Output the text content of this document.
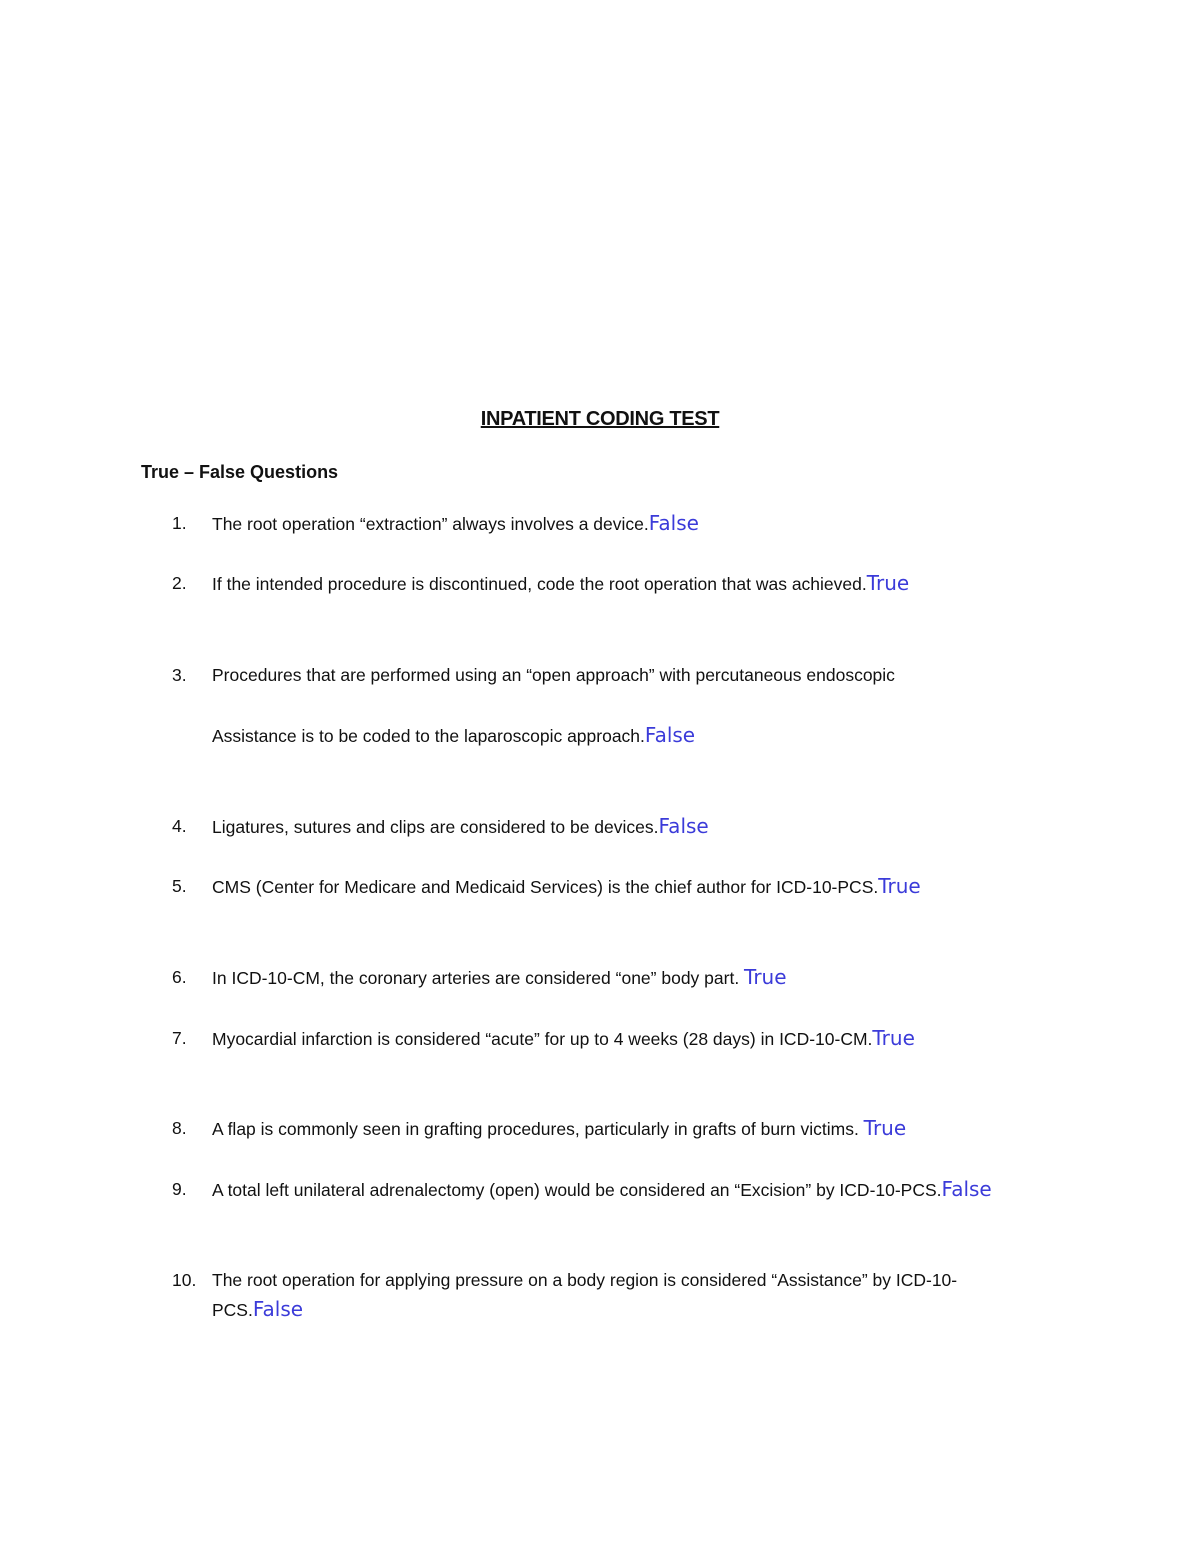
INPATIENT CODING TEST
True – False Questions
1.	The root operation “extraction” always involves a device.False
2.	If the intended procedure is discontinued, code the root operation that was achieved.True
3.	Procedures that are performed using an “open approach” with percutaneous endoscopic
Assistance is to be coded to the laparoscopic approach.False
4.	Ligatures, sutures and clips are considered to be devices.False
5.	CMS (Center for Medicare and Medicaid Services) is the chief author for ICD-10-PCS.True
6.	In ICD-10-CM, the coronary arteries are considered “one” body part. True
7.	Myocardial infarction is considered “acute” for up to 4 weeks (28 days) in ICD-10-CM.True
8.	A flap is commonly seen in grafting procedures, particularly in grafts of burn victims. True
9.	A total left unilateral adrenalectomy (open) would be considered an “Excision” by ICD-10-PCS.False
10. The root operation for applying pressure on a body region is considered “Assistance” by ICD-10-
PCS.False
